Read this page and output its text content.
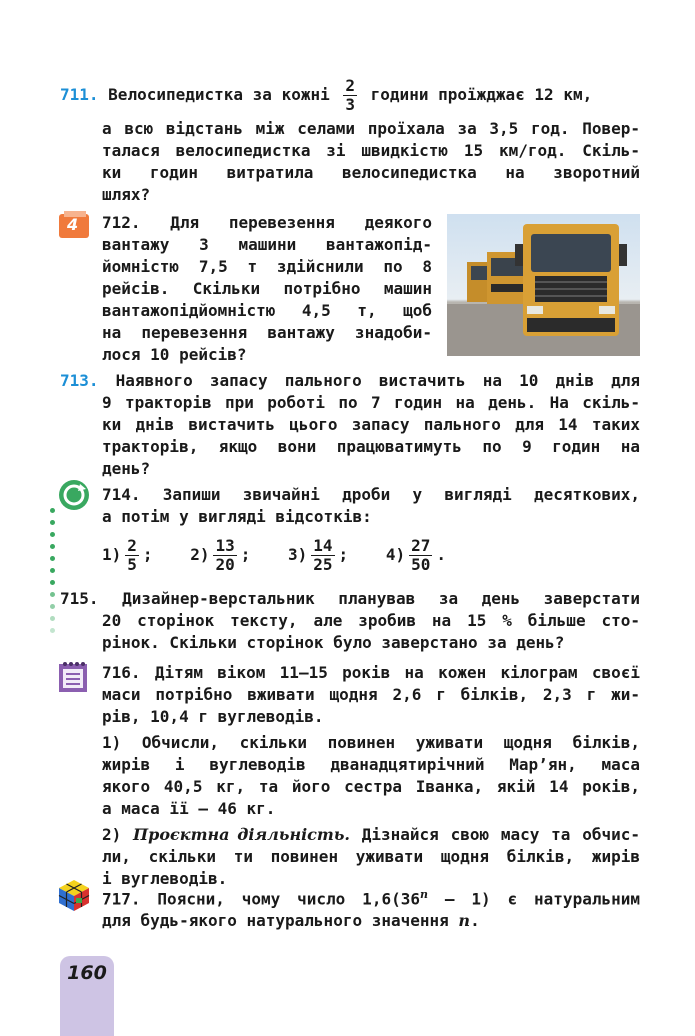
711. Велосипедистка за кожні $\frac{2}{3}$ години проїжджає 12 км,
а всю відстань між селами проїхала за 3,5 год. Повер-
талася велосипедистка зі швидкістю 15 км/год. Скіль-
ки годин витратила велосипедистка на зворотний
шлях?
4 712. Для перевезення деякого
вантажу 3 машини вантажопід-
йомністю 7,5 т здійснили по 8
рейсів. Скільки потрібно машин
вантажопідйомністю 4,5 т, щоб
на перевезення вантажу знадоби-
лося 10 рейсів?
713. Наявного запасу пального вистачить на 10 днів для
9 тракторів при роботі по 7 годин на день. На скіль-
ки днів вистачить цього запасу пального для 14 таких
тракторів, якщо вони працюватимуть по 9 годин на
день?
714. Запиши звичайні дроби у вигляді десяткових,
а потім у вигляді відсотків:
$1) \frac{2}{5}$ ; $2) \frac{13}{20}$ ; $3) \frac{14}{25}$ ; $4) \frac{27}{50}$ .
715. Дизайнер-верстальник планував за день заверстати
20 сторінок тексту, але зробив на 15 % більше сто-
рінок. Скільки сторінок було заверстано за день?
716. Дітям віком 11–15 років на кожен кілограм своєї
маси потрібно вживати щодня 2,6 г білків, 2,3 г жи-
рів, 10,4 г вуглеводів.
1) Обчисли, скільки повинен уживати щодня білків,
жирів і вуглеводів дванадцятирічний Мар’ян, маса
якого 40,5 кг, та його сестра Іванка, якій 14 років,
а маса її — 46 кг.
2) Проєктна діяльність. Дізнайся свою масу та обчис-
ли, скільки ти повинен уживати щодня білків, жирів
і вуглеводів.
717. Поясни, чому число 1,6(36$^n$ – 1) є натуральним
для будь-якого натурального значення n.
160
